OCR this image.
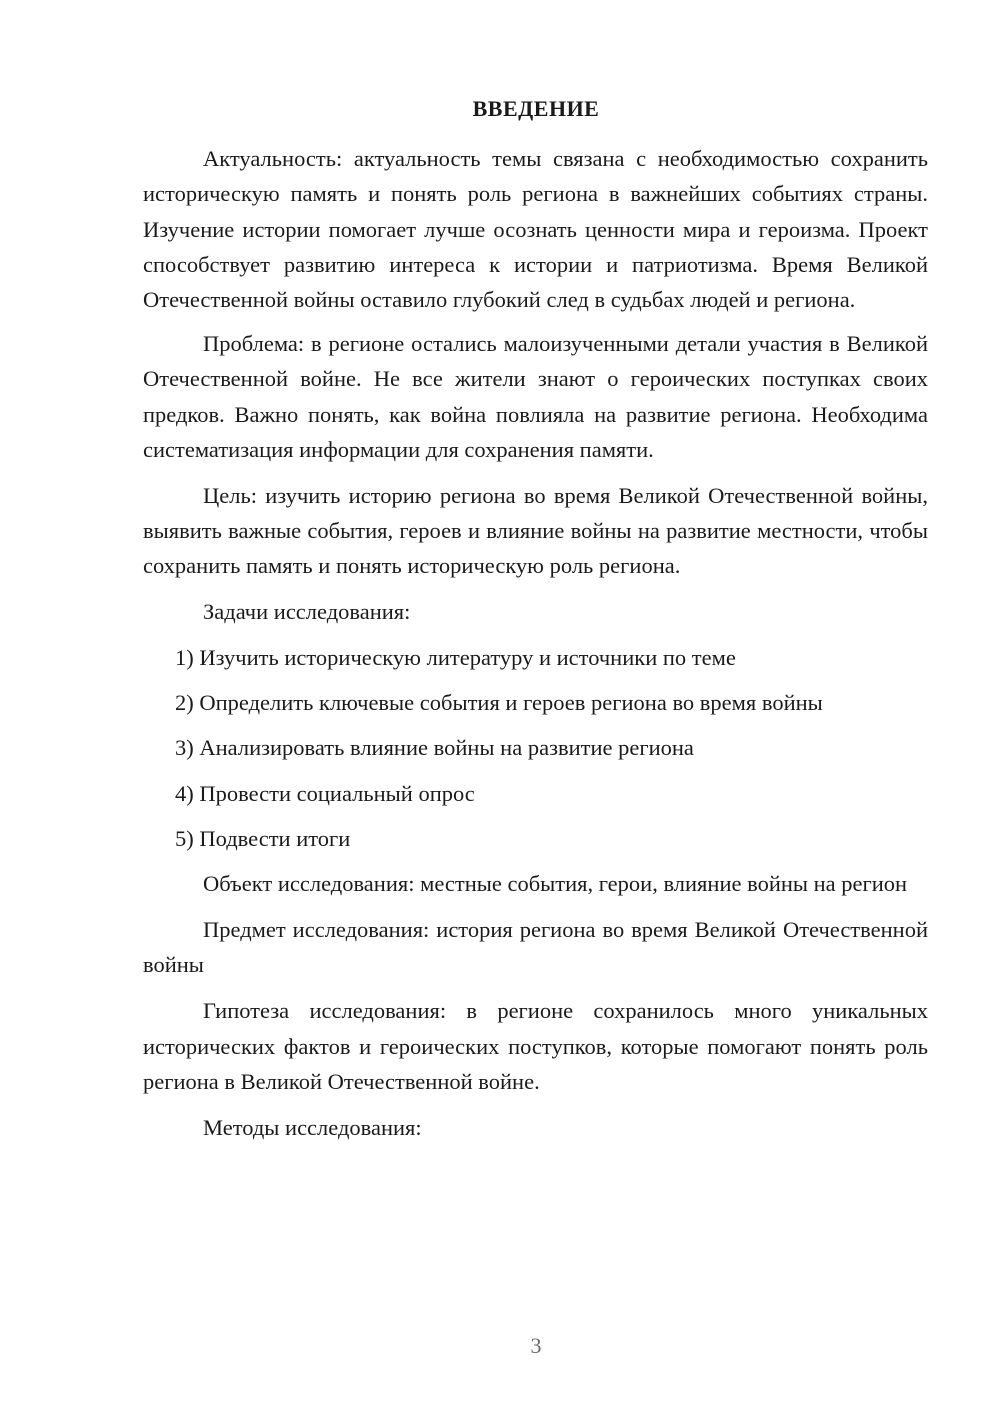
ВВЕДЕНИЕ

Актуальность: актуальность темы связана с необходимостью сохранить историческую память и понять роль региона в важнейших событиях страны. Изучение истории помогает лучше осознать ценности мира и героизма. Проект способствует развитию интереса к истории и патриотизма. Время Великой Отечественной войны оставило глубокий след в судьбах людей и региона.

Проблема: в регионе остались малоизученными детали участия в Великой Отечественной войне. Не все жители знают о героических поступках своих предков. Важно понять, как война повлияла на развитие региона. Необходима систематизация информации для сохранения памяти.

Цель: изучить историю региона во время Великой Отечественной войны, выявить важные события, героев и влияние войны на развитие местности, чтобы сохранить память и понять историческую роль региона.

Задачи исследования:

1) Изучить историческую литературу и источники по теме

2) Определить ключевые события и героев региона во время войны

3) Анализировать влияние войны на развитие региона

4) Провести социальный опрос

5) Подвести итоги

Объект исследования: местные события, герои, влияние войны на регион

Предмет исследования: история региона во время Великой Отечественной войны

Гипотеза исследования: в регионе сохранилось много уникальных исторических фактов и героических поступков, которые помогают понять роль региона в Великой Отечественной войне.

Методы исследования:

3
